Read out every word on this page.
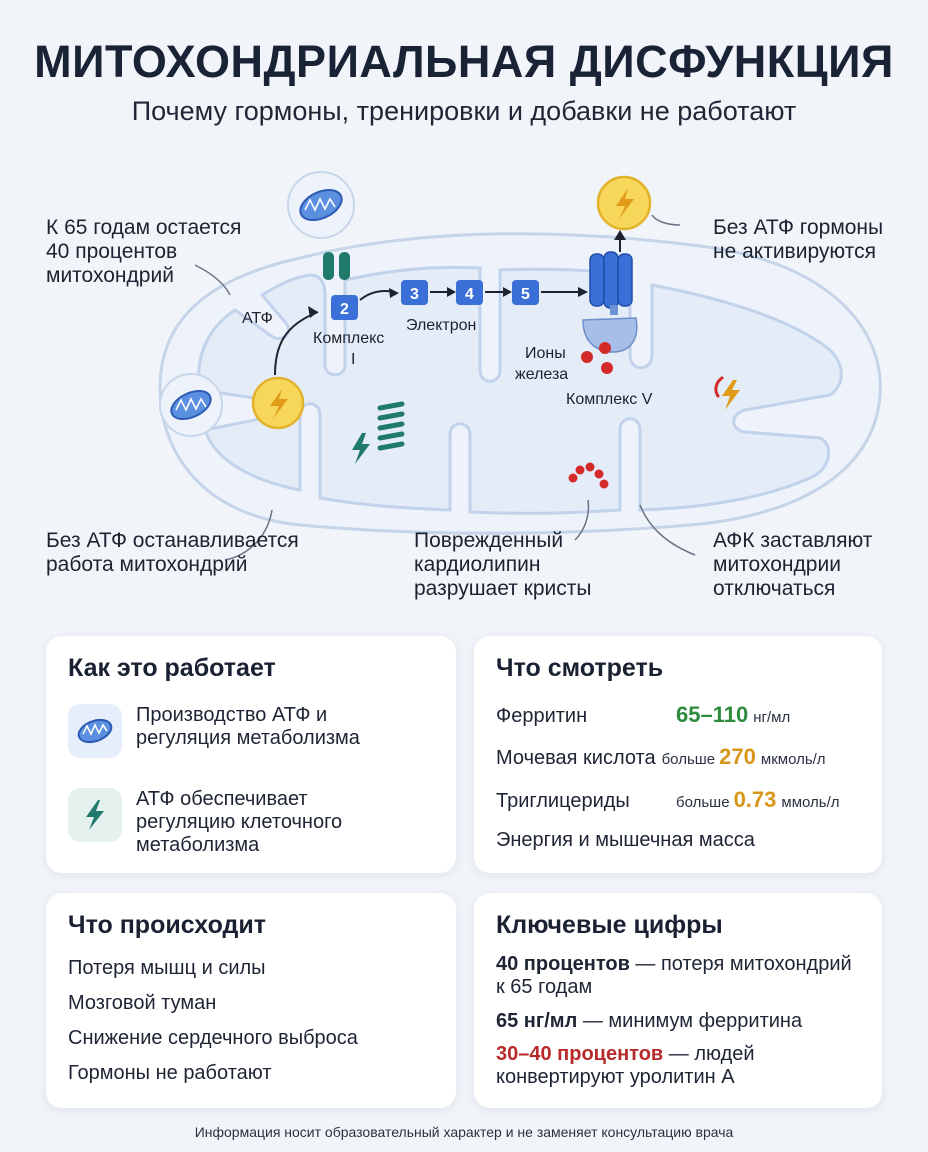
МИТОХОНДРИАЛЬНАЯ ДИСФУНКЦИЯ
Почему гормоны, тренировки и добавки не работают
АТФ
2
3	4	5
Комплекс
I
Электрон
Ионы
железа
Комплекс V
К 65 годам остается 40 процентов митохондрий
Без АТФ гормоны не активируются
Без АТФ останавливается работа митохондрий
Поврежденный кардиолипин разрушает кристы
АФК заставляют митохондрии отключаться
Как это работает
Производство АТФ и регуляция метаболизма
АТФ обеспечивает регуляцию клеточного метаболизма
Что смотреть
Ферритин	65–110 нг/мл
Мочевая кислота больше 270 мкмоль/л
Триглицериды	больше 0.73 ммоль/л
Энергия и мышечная масса
Что происходит
Потеря мышц и силы
Мозговой туман
Снижение сердечного выброса
Гормоны не работают
Ключевые цифры
40 процентов — потеря митохондрий к 65 годам
65 нг/мл — минимум ферритина
30–40 процентов — людей конвертируют уролитин А
Информация носит образовательный характер и не заменяет консультацию врача
